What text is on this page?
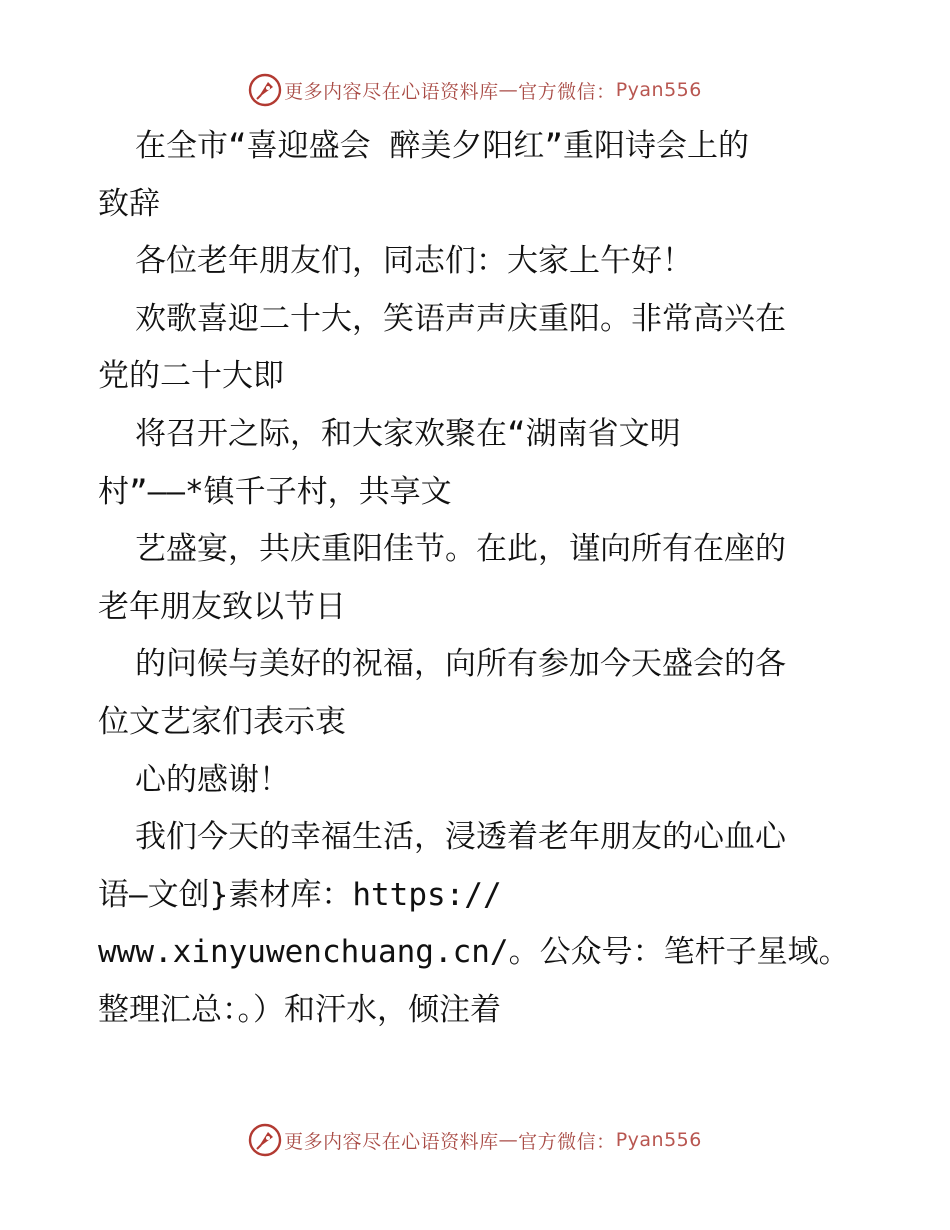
更多内容尽在心语资料库 — 官方微信： Pyan556
在全市“喜迎盛会 醉美夕阳红”重阳诗会上的
致辞
各位老年朋友们，同志们：大家上午好！
欢歌喜迎二十大，笑语声声庆重阳。非常高兴在
党的二十大即
将召开之际，和大家欢聚在“湖南省文明
村”——*镇千子村，共享文
艺盛宴，共庆重阳佳节。在此，谨向所有在座的
老年朋友致以节日
的问候与美好的祝福，向所有参加今天盛会的各
位文艺家们表示衷
心的感谢！
我们今天的幸福生活，浸透着老年朋友的心血心
语—文创}素材库：https://
www.xinyuwenchuang.cn/。公众号：笔杆子星域。
整理汇总：。）和汗水，倾注着
更多内容尽在心语资料库 — 官方微信： Pyan556
